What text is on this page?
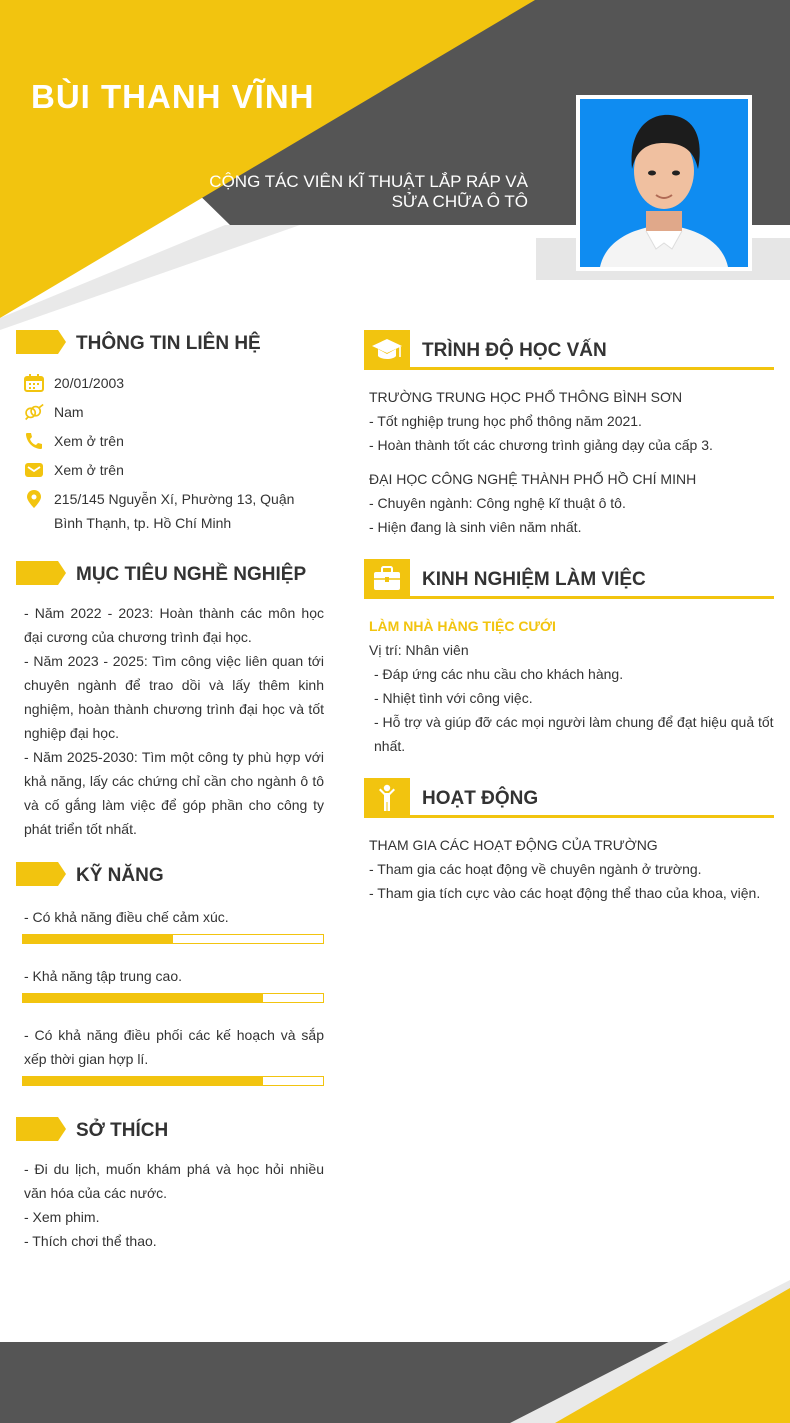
BÙI THANH VĨNH
CỘNG TÁC VIÊN KĨ THUẬT LẮP RÁP VÀ
SỬA CHỮA Ô TÔ
THÔNG TIN LIÊN HỆ
20/01/2003
Nam
Xem ở trên
Xem ở trên
215/145 Nguyễn Xí, Phường 13, Quận
Bình Thạnh, tp. Hồ Chí Minh
MỤC TIÊU NGHỀ NGHIỆP

- Năm 2022 - 2023: Hoàn thành các môn học đại cương của chương trình đại học.

- Năm 2023 - 2025: Tìm công việc liên quan tới chuyên ngành để trao dồi và lấy thêm kinh nghiệm, hoàn thành chương trình đại học và tốt nghiệp đại học.

- Năm 2025-2030: Tìm một công ty phù hợp với khả năng, lấy các chứng chỉ cần cho ngành ô tô và cố gắng làm việc để góp phần cho công ty phát triển tốt nhất.

KỸ NĂNG

- Có khả năng điều chế cảm xúc.

- Khả năng tập trung cao.

- Có khả năng điều phối các kế hoạch và sắp xếp thời gian hợp lí.

SỞ THÍCH

- Đi du lịch, muốn khám phá và học hỏi nhiều văn hóa của các nước.

- Xem phim.

- Thích chơi thể thao.

TRÌNH ĐỘ HỌC VẤN

TRƯỜNG TRUNG HỌC PHỔ THÔNG BÌNH SƠN

- Tốt nghiệp trung học phổ thông năm 2021.

- Hoàn thành tốt các chương trình giảng dạy của cấp 3.

ĐẠI HỌC CÔNG NGHỆ THÀNH PHỐ HỒ CHÍ MINH

- Chuyên ngành: Công nghệ kĩ thuật ô tô.

- Hiện đang là sinh viên năm nhất.

KINH NGHIỆM LÀM VIỆC

LÀM NHÀ HÀNG TIỆC CƯỚI

Vị trí: Nhân viên

- Đáp ứng các nhu cầu cho khách hàng.

- Nhiệt tình với công việc.

- Hỗ trợ và giúp đỡ các mọi người làm chung để đạt hiệu quả tốt nhất.

HOẠT ĐỘNG

THAM GIA CÁC HOẠT ĐỘNG CỦA TRƯỜNG

- Tham gia các hoạt động về chuyên ngành ở trường.

- Tham gia tích cực vào các hoạt động thể thao của khoa, viện.
